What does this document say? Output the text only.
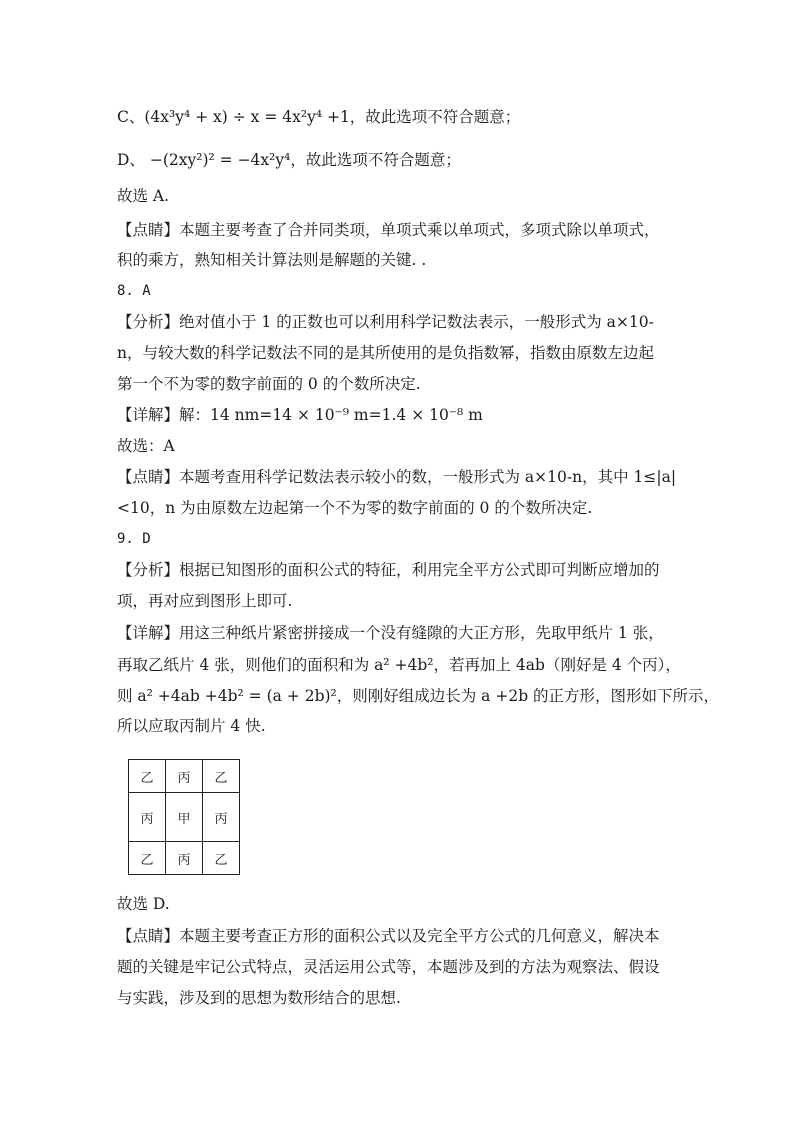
C、(4x³y⁴ + x) ÷ x = 4x²y⁴ +1，故此选项不符合题意；
D、 −(2xy²)² = −4x²y⁴，故此选项不符合题意；
故选 A.
【点睛】本题主要考查了合并同类项，单项式乘以单项式，多项式除以单项式，
积的乘方，熟知相关计算法则是解题的关键. .
8. A
【分析】绝对值小于 1 的正数也可以利用科学记数法表示，一般形式为 a×10-
n，与较大数的科学记数法不同的是其所使用的是负指数幂，指数由原数左边起
第一个不为零的数字前面的 0 的个数所决定.
【详解】解：14 nm=14 × 10⁻⁹ m=1.4 × 10⁻⁸ m
故选：A
【点睛】本题考查用科学记数法表示较小的数，一般形式为 a×10-n，其中 1≤|a|
<10，n 为由原数左边起第一个不为零的数字前面的 0 的个数所决定.
9. D
【分析】根据已知图形的面积公式的特征，利用完全平方公式即可判断应增加的
项，再对应到图形上即可.
【详解】用这三种纸片紧密拼接成一个没有缝隙的大正方形，先取甲纸片 1 张，
再取乙纸片 4 张，则他们的面积和为 a² +4b²，若再加上 4ab（刚好是 4 个丙），
则 a² +4ab +4b² = (a + 2b)²，则刚好组成边长为 a +2b 的正方形，图形如下所示，
所以应取丙制片 4 快.
乙	丙	乙
丙	甲	丙
乙	丙	乙
故选 D.
【点睛】本题主要考查正方形的面积公式以及完全平方公式的几何意义，解决本
题的关键是牢记公式特点，灵活运用公式等，本题涉及到的方法为观察法、假设
与实践，涉及到的思想为数形结合的思想.
